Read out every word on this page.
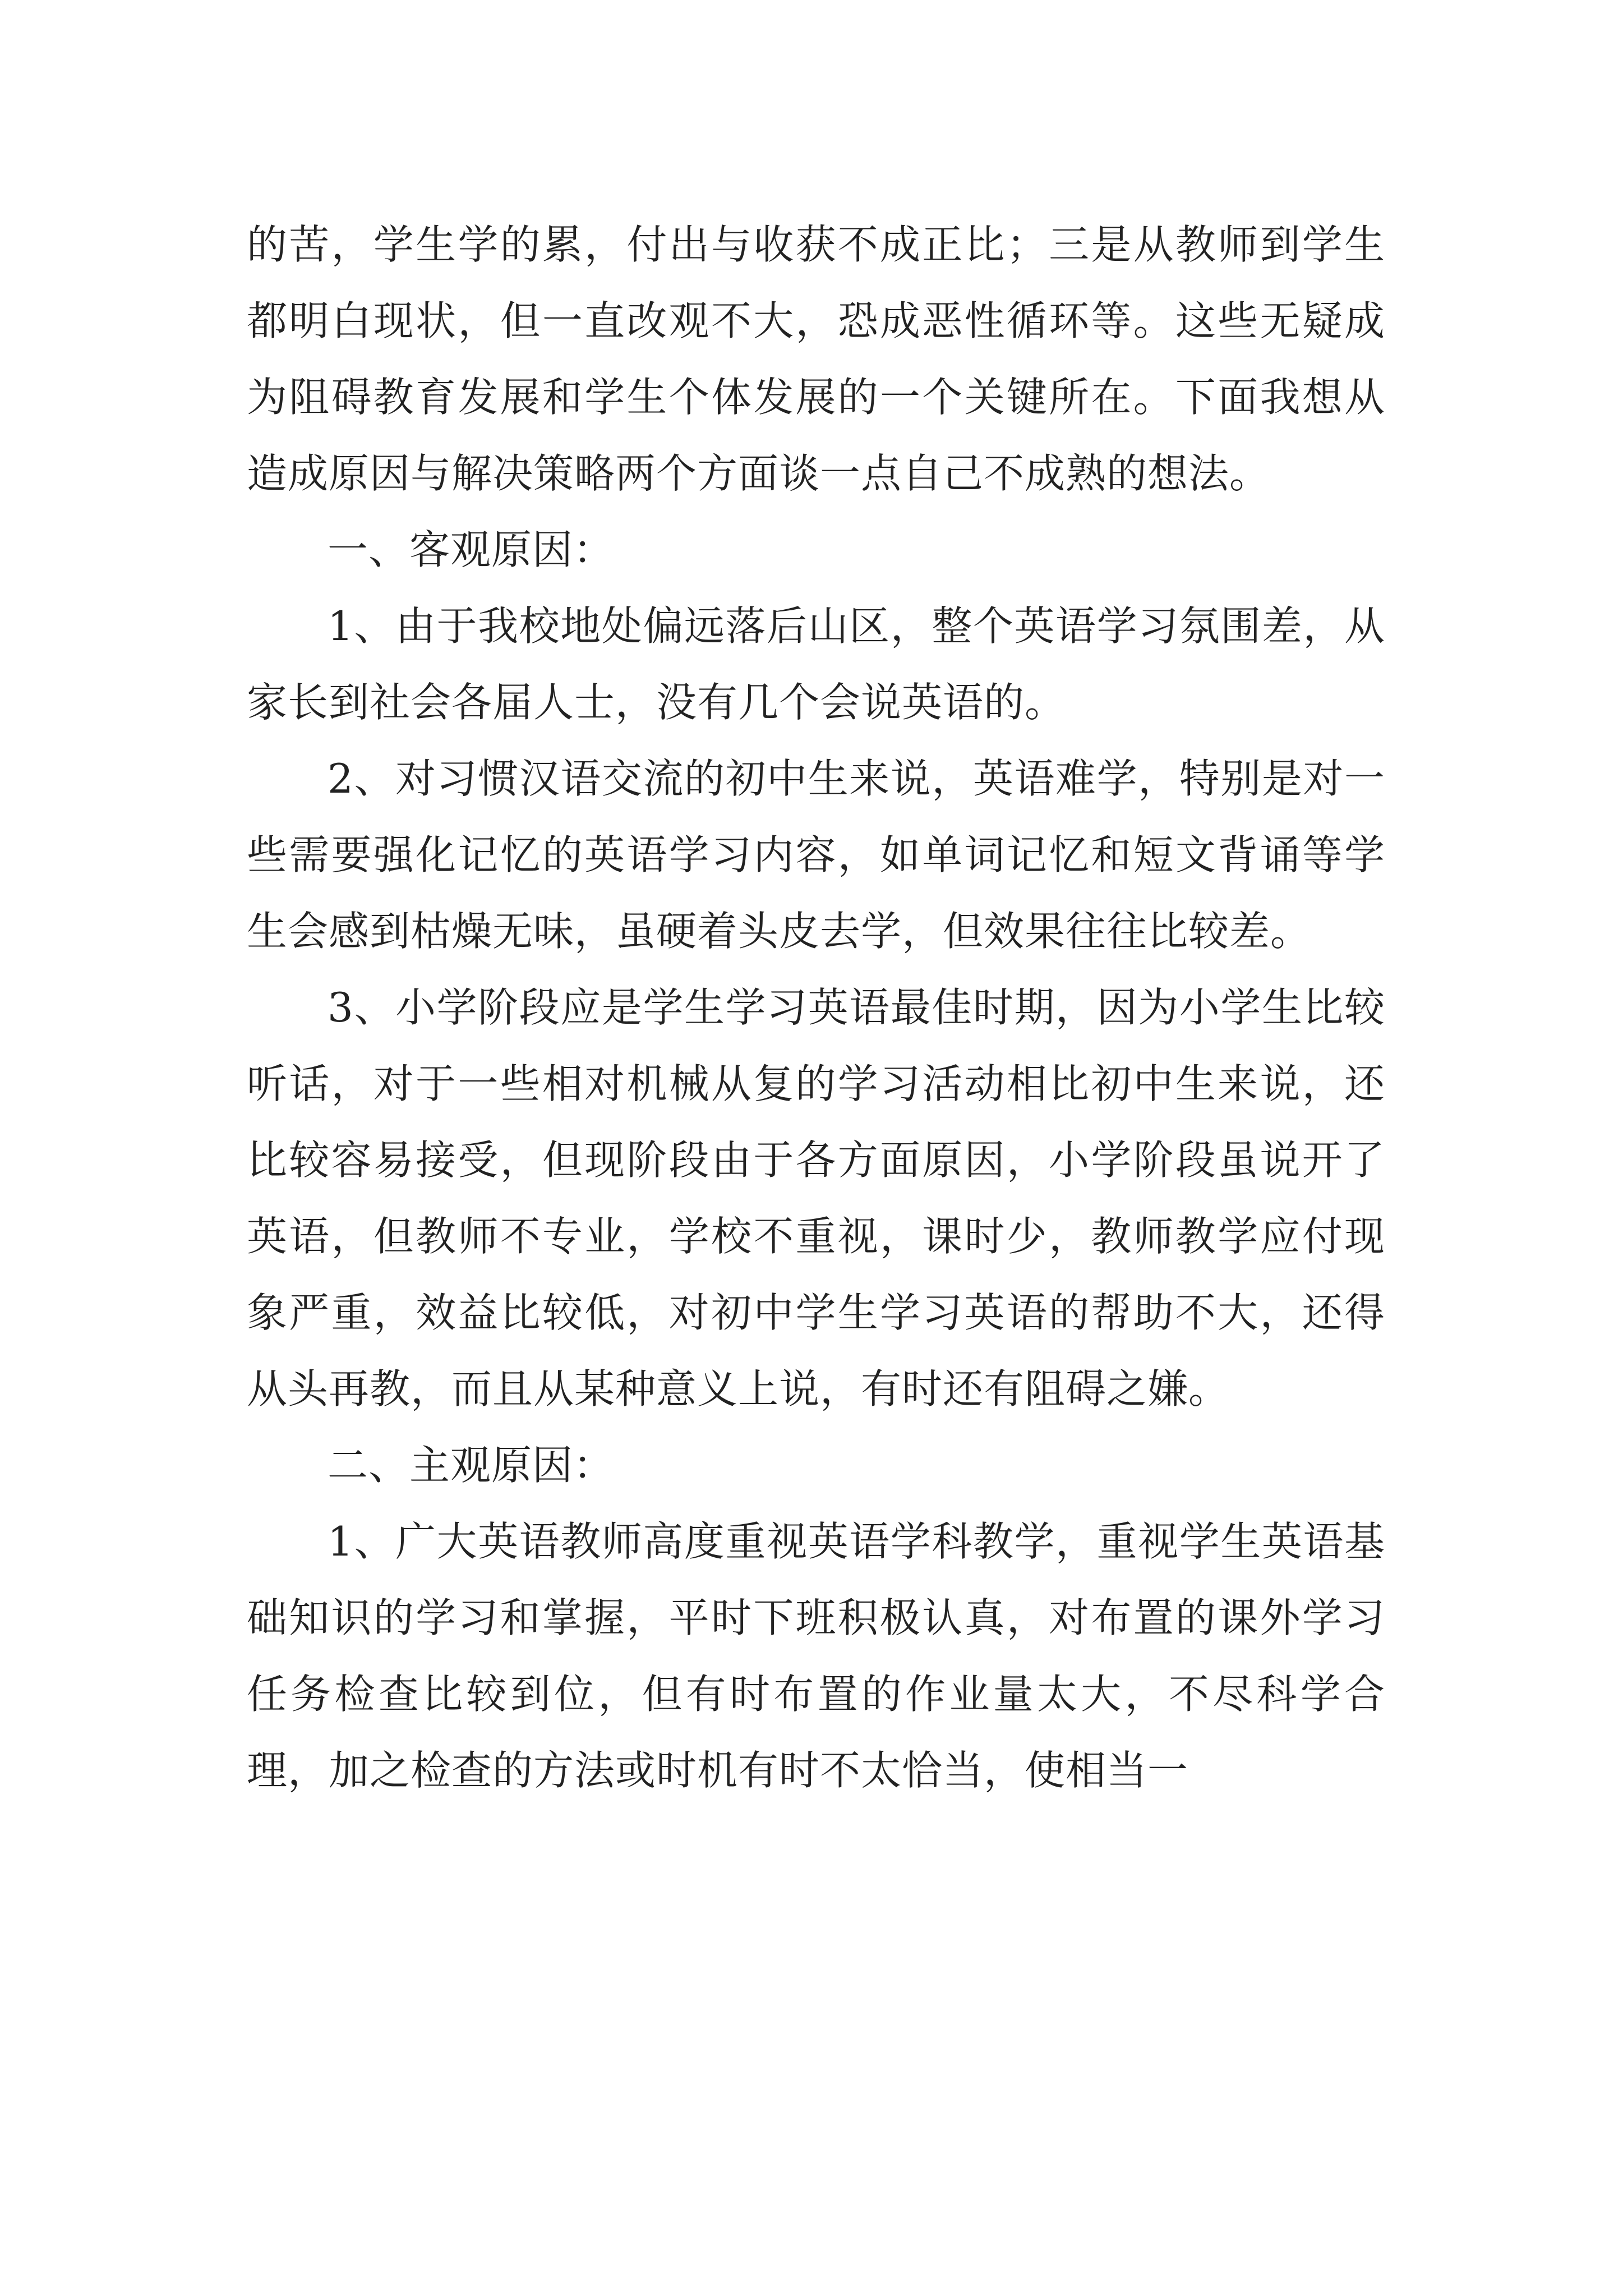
的苦，学生学的累，付出与收获不成正比；三是从教师到学生都明白现状，但一直改观不大，恐成恶性循环等。这些无疑成为阻碍教育发展和学生个体发展的一个关键所在。下面我想从造成原因与解决策略两个方面谈一点自己不成熟的想法。

一、客观原因：

1、由于我校地处偏远落后山区，整个英语学习氛围差，从家长到社会各届人士，没有几个会说英语的。

2、对习惯汉语交流的初中生来说，英语难学，特别是对一些需要强化记忆的英语学习内容，如单词记忆和短文背诵等学生会感到枯燥无味，虽硬着头皮去学，但效果往往比较差。

3、小学阶段应是学生学习英语最佳时期，因为小学生比较听话，对于一些相对机械从复的学习活动相比初中生来说，还比较容易接受，但现阶段由于各方面原因，小学阶段虽说开了英语，但教师不专业，学校不重视，课时少，教师教学应付现象严重，效益比较低，对初中学生学习英语的帮助不大，还得从头再教，而且从某种意义上说，有时还有阻碍之嫌。

二、主观原因：

1、广大英语教师高度重视英语学科教学，重视学生英语基础知识的学习和掌握，平时下班积极认真，对布置的课外学习任务检查比较到位，但有时布置的作业量太大，不尽科学合理，加之检查的方法或时机有时不太恰当，使相当一
